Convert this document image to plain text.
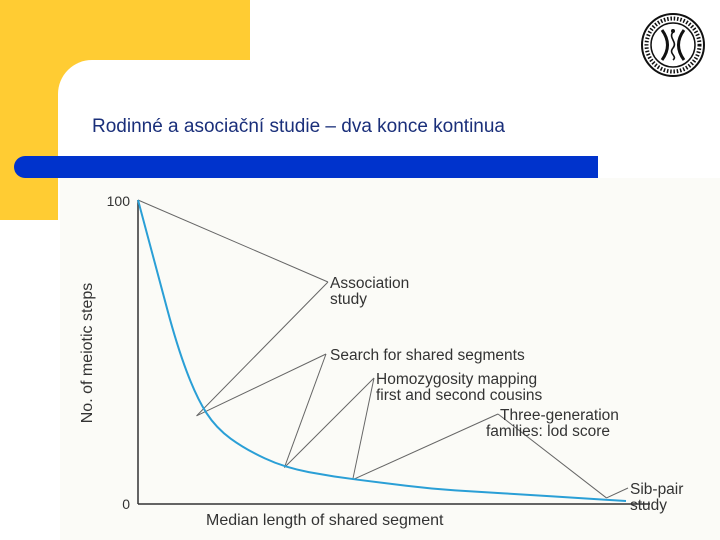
Rodinné a asociační studie – dva konce kontinua
100
0
No. of meiotic steps
Median length of shared segment
Association study
Search for shared segments
Homozygosity mapping first and second cousins
Three-generation families: lod score
Sib-pair study
